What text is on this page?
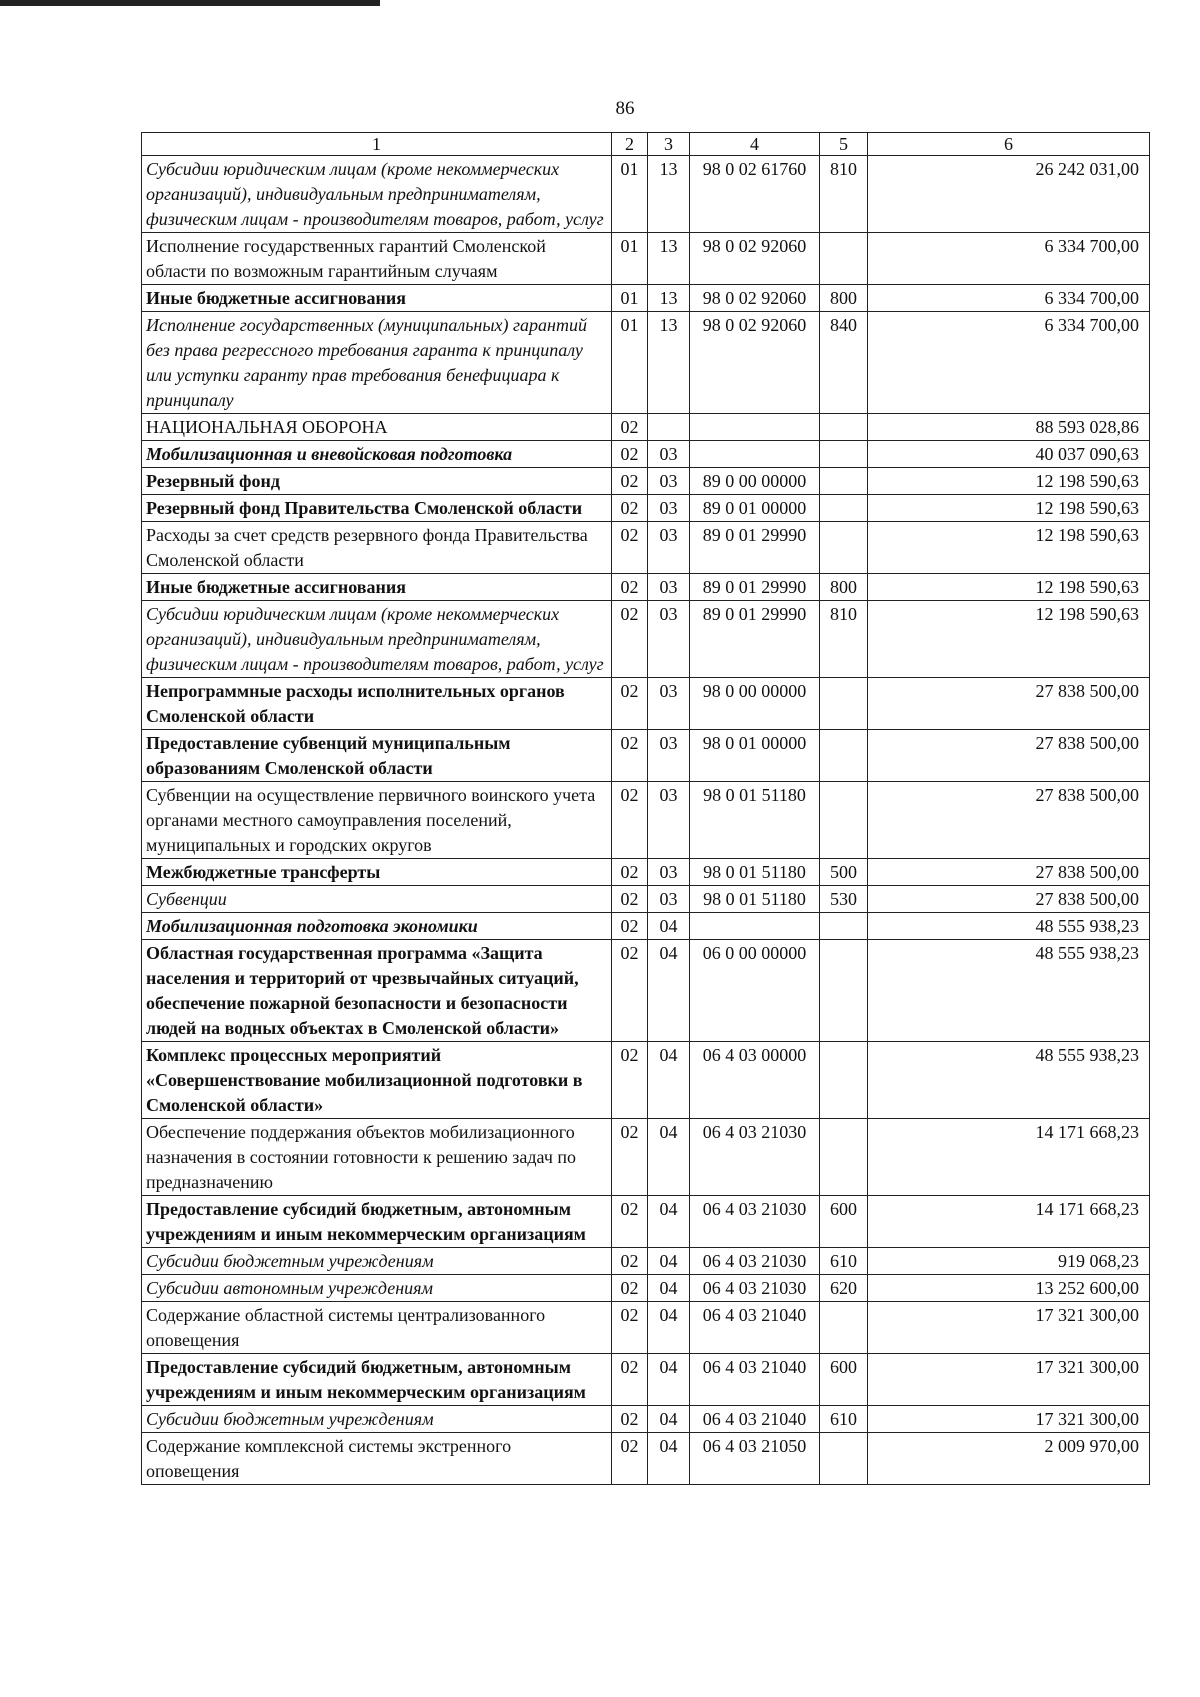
86
1	2	3	4	5	6
Субсидии юридическим лицам (кроме некоммерческих организаций), индивидуальным предпринимателям, физическим лицам - производителям товаров, работ, услуг	01	13	98 0 02 61760	810	26 242 031,00
Исполнение государственных гарантий Смоленской области по возможным гарантийным случаям	01	13	98 0 02 92060		6 334 700,00
Иные бюджетные ассигнования	01	13	98 0 02 92060	800	6 334 700,00
Исполнение государственных (муниципальных) гарантий без права регрессного требования гаранта к принципалу или уступки гаранту прав требования бенефициара к принципалу	01	13	98 0 02 92060	840	6 334 700,00
НАЦИОНАЛЬНАЯ ОБОРОНА	02				88 593 028,86
Мобилизационная и вневойсковая подготовка	02	03			40 037 090,63
Резервный фонд	02	03	89 0 00 00000		12 198 590,63
Резервный фонд Правительства Смоленской области	02	03	89 0 01 00000		12 198 590,63
Расходы за счет средств резервного фонда Правительства Смоленской области	02	03	89 0 01 29990		12 198 590,63
Иные бюджетные ассигнования	02	03	89 0 01 29990	800	12 198 590,63
Субсидии юридическим лицам (кроме некоммерческих организаций), индивидуальным предпринимателям, физическим лицам - производителям товаров, работ, услуг	02	03	89 0 01 29990	810	12 198 590,63
Непрограммные расходы исполнительных органов Смоленской области	02	03	98 0 00 00000		27 838 500,00
Предоставление субвенций муниципальным образованиям Смоленской области	02	03	98 0 01 00000		27 838 500,00
Субвенции на осуществление первичного воинского учета органами местного самоуправления поселений, муниципальных и городских округов	02	03	98 0 01 51180		27 838 500,00
Межбюджетные трансферты	02	03	98 0 01 51180	500	27 838 500,00
Субвенции	02	03	98 0 01 51180	530	27 838 500,00
Мобилизационная подготовка экономики	02	04			48 555 938,23
Областная государственная программа «Защита населения и территорий от чрезвычайных ситуаций, обеспечение пожарной безопасности и безопасности людей на водных объектах в Смоленской области»	02	04	06 0 00 00000		48 555 938,23
Комплекс процессных мероприятий «Совершенствование мобилизационной подготовки в Смоленской области»	02	04	06 4 03 00000		48 555 938,23
Обеспечение поддержания объектов мобилизационного назначения в состоянии готовности к решению задач по предназначению	02	04	06 4 03 21030		14 171 668,23
Предоставление субсидий бюджетным, автономным учреждениям и иным некоммерческим организациям	02	04	06 4 03 21030	600	14 171 668,23
Субсидии бюджетным учреждениям	02	04	06 4 03 21030	610	919 068,23
Субсидии автономным учреждениям	02	04	06 4 03 21030	620	13 252 600,00
Содержание областной системы централизованного оповещения	02	04	06 4 03 21040		17 321 300,00
Предоставление субсидий бюджетным, автономным учреждениям и иным некоммерческим организациям	02	04	06 4 03 21040	600	17 321 300,00
Субсидии бюджетным учреждениям	02	04	06 4 03 21040	610	17 321 300,00
Содержание комплексной системы экстренного оповещения	02	04	06 4 03 21050		2 009 970,00
